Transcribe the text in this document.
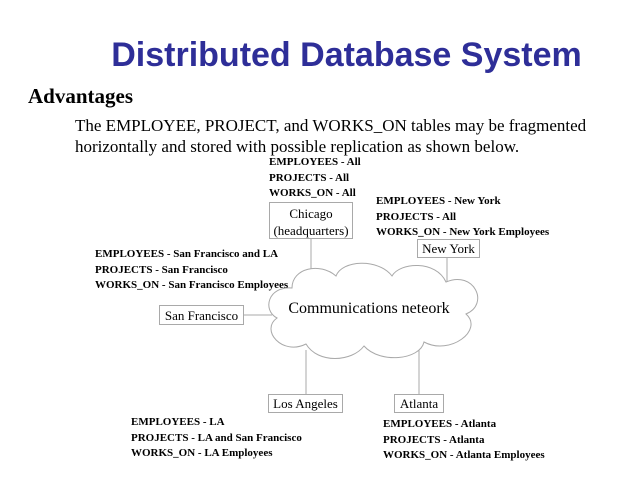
Distributed Database System
Advantages
The EMPLOYEE, PROJECT, and WORKS_ON tables may be fragmented
horizontally and stored with possible replication as shown below.
Communications neteork
Chicago
(headquarters)
New York
San Francisco
Los Angeles	Atlanta
EMPLOYEES - All
PROJECTS - All
WORKS_ON - All
EMPLOYEES - New York
PROJECTS - All
WORKS_ON - New York Employees
EMPLOYEES - San Francisco and LA
PROJECTS - San Francisco
WORKS_ON - San Francisco Employees
EMPLOYEES - LA
PROJECTS - LA and San Francisco
WORKS_ON - LA Employees
EMPLOYEES - Atlanta
PROJECTS - Atlanta
WORKS_ON - Atlanta Employees
